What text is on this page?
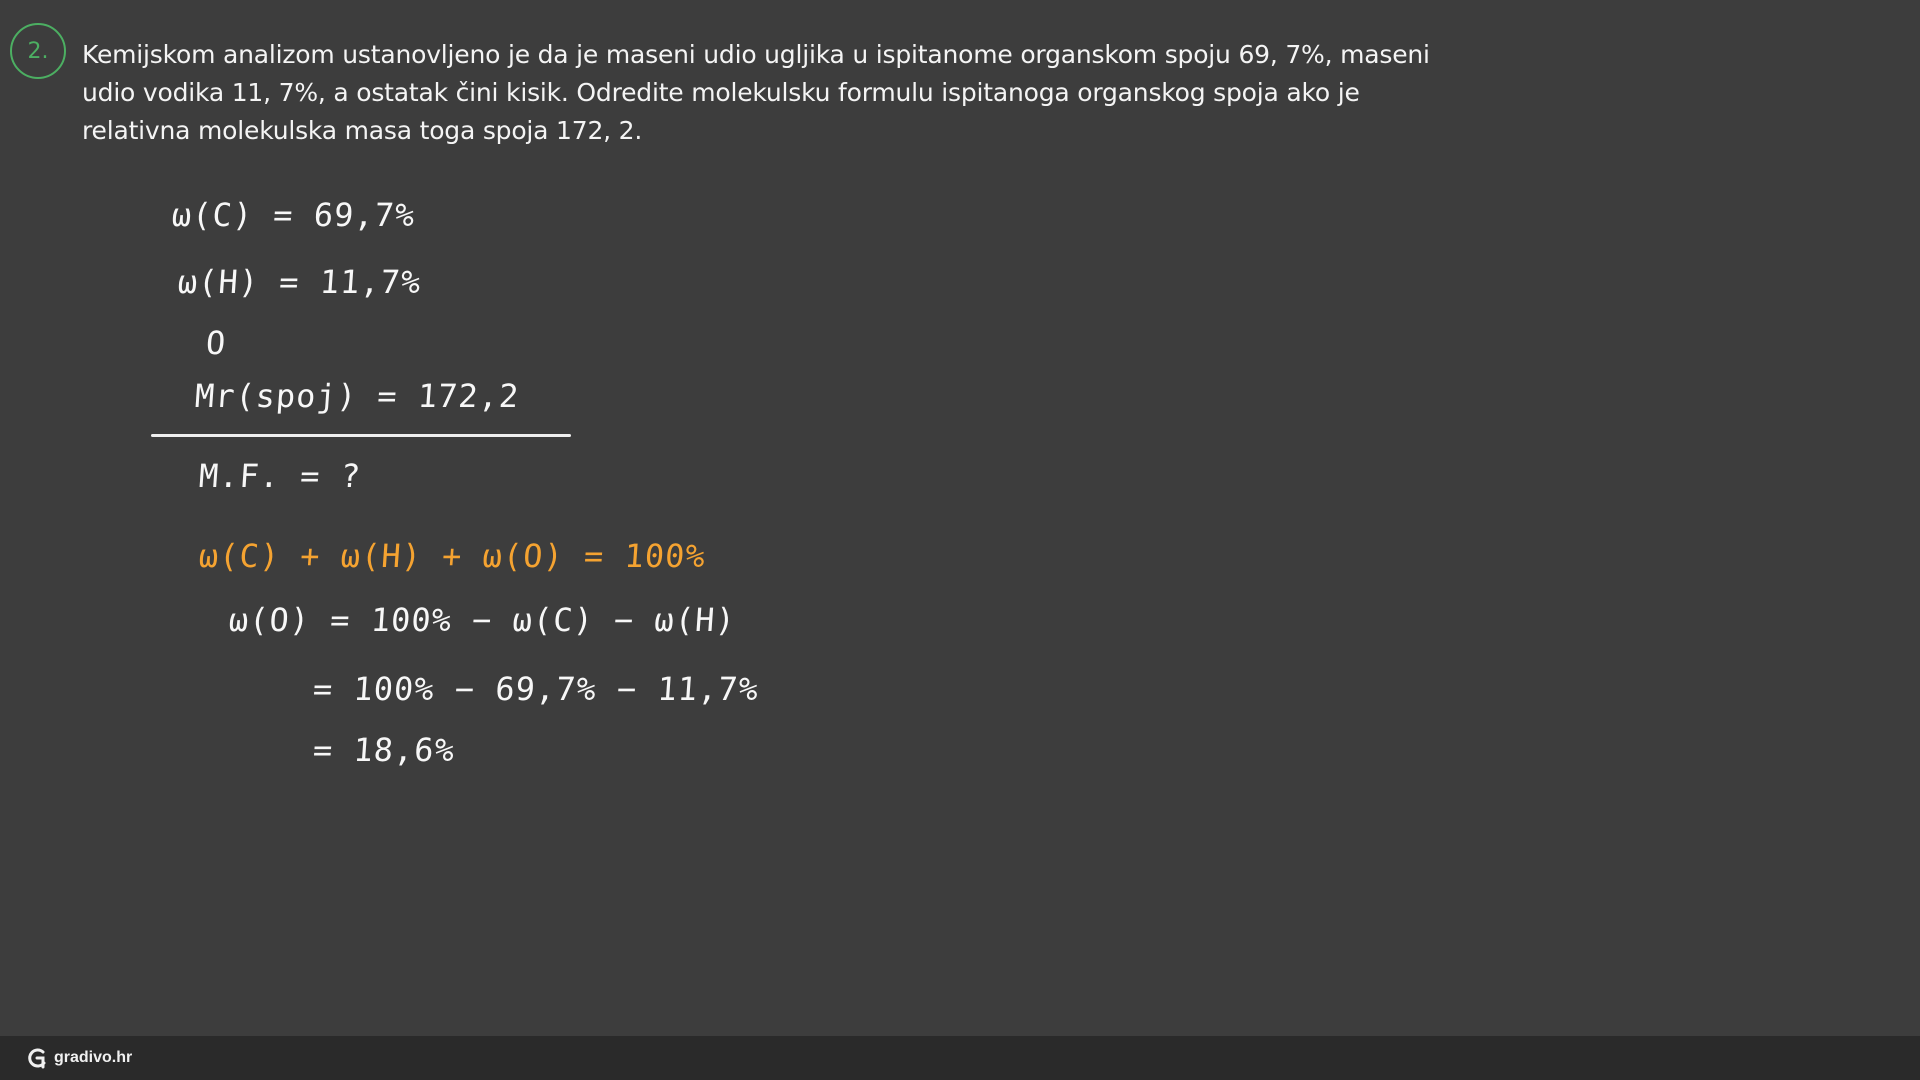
2. Kemijskom analizom ustanovljeno je da je maseni udio ugljika u ispitanome organskom spoju 69, 7%, maseni
udio vodika 11, 7%, a ostatak čini kisik. Odredite molekulsku formulu ispitanoga organskog spoja ako je
relativna molekulska masa toga spoja 172, 2.
ω(C) = 69,7%
ω(H) = 11,7%
O
Mr(spoj) = 172,2
M.F. = ?
ω(C) + ω(H) + ω(O) = 100%
ω(O) = 100% − ω(C) − ω(H)
= 100% − 69,7% − 11,7%
= 18,6%
gradivo.hr
